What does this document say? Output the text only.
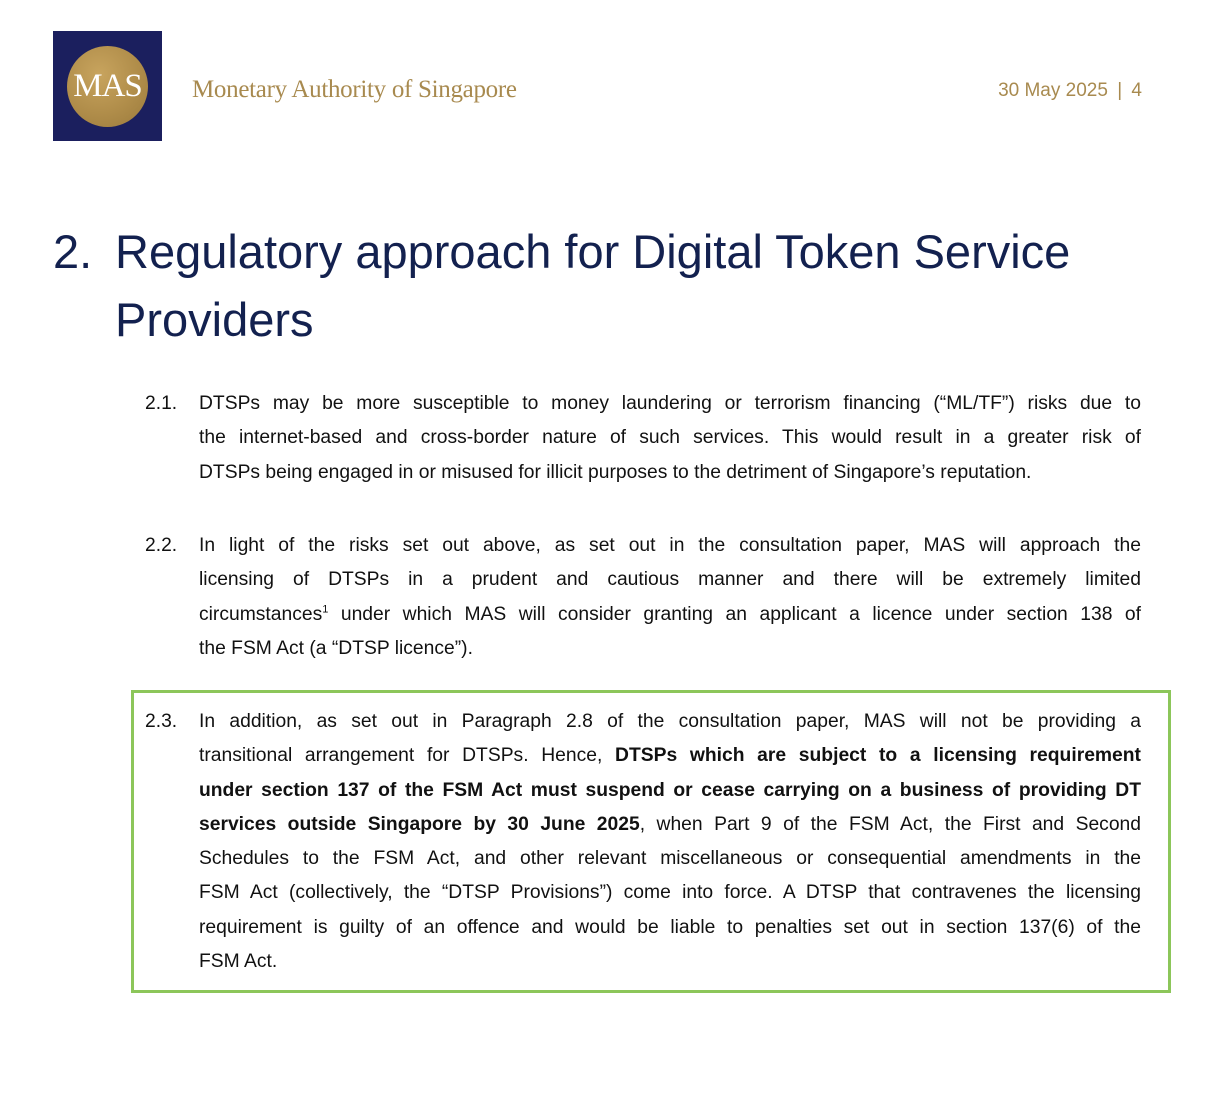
MAS Monetary Authority of Singapore	30 May 2025 | 4
2. Regulatory approach for Digital Token Service
Providers
2.1.	DTSPs may be more susceptible to money laundering or terrorism financing (“ML/TF”) risks due to
the internet-based and cross-border nature of such services. This would result in a greater risk of
DTSPs being engaged in or misused for illicit purposes to the detriment of Singapore’s reputation.
2.2.	In light of the risks set out above, as set out in the consultation paper, MAS will approach the
licensing of DTSPs in a prudent and cautious manner and there will be extremely limited
circumstances$^1$ under which MAS will consider granting an applicant a licence under section 138 of
the FSM Act (a “DTSP licence”).
2.3.	In addition, as set out in Paragraph 2.8 of the consultation paper, MAS will not be providing a
transitional arrangement for DTSPs. Hence, DTSPs which are subject to a licensing requirement
under section 137 of the FSM Act must suspend or cease carrying on a business of providing DT
services outside Singapore by 30 June 2025, when Part 9 of the FSM Act, the First and Second
Schedules to the FSM Act, and other relevant miscellaneous or consequential amendments in the
FSM Act (collectively, the “DTSP Provisions”) come into force. A DTSP that contravenes the licensing
requirement is guilty of an offence and would be liable to penalties set out in section 137(6) of the
FSM Act.
